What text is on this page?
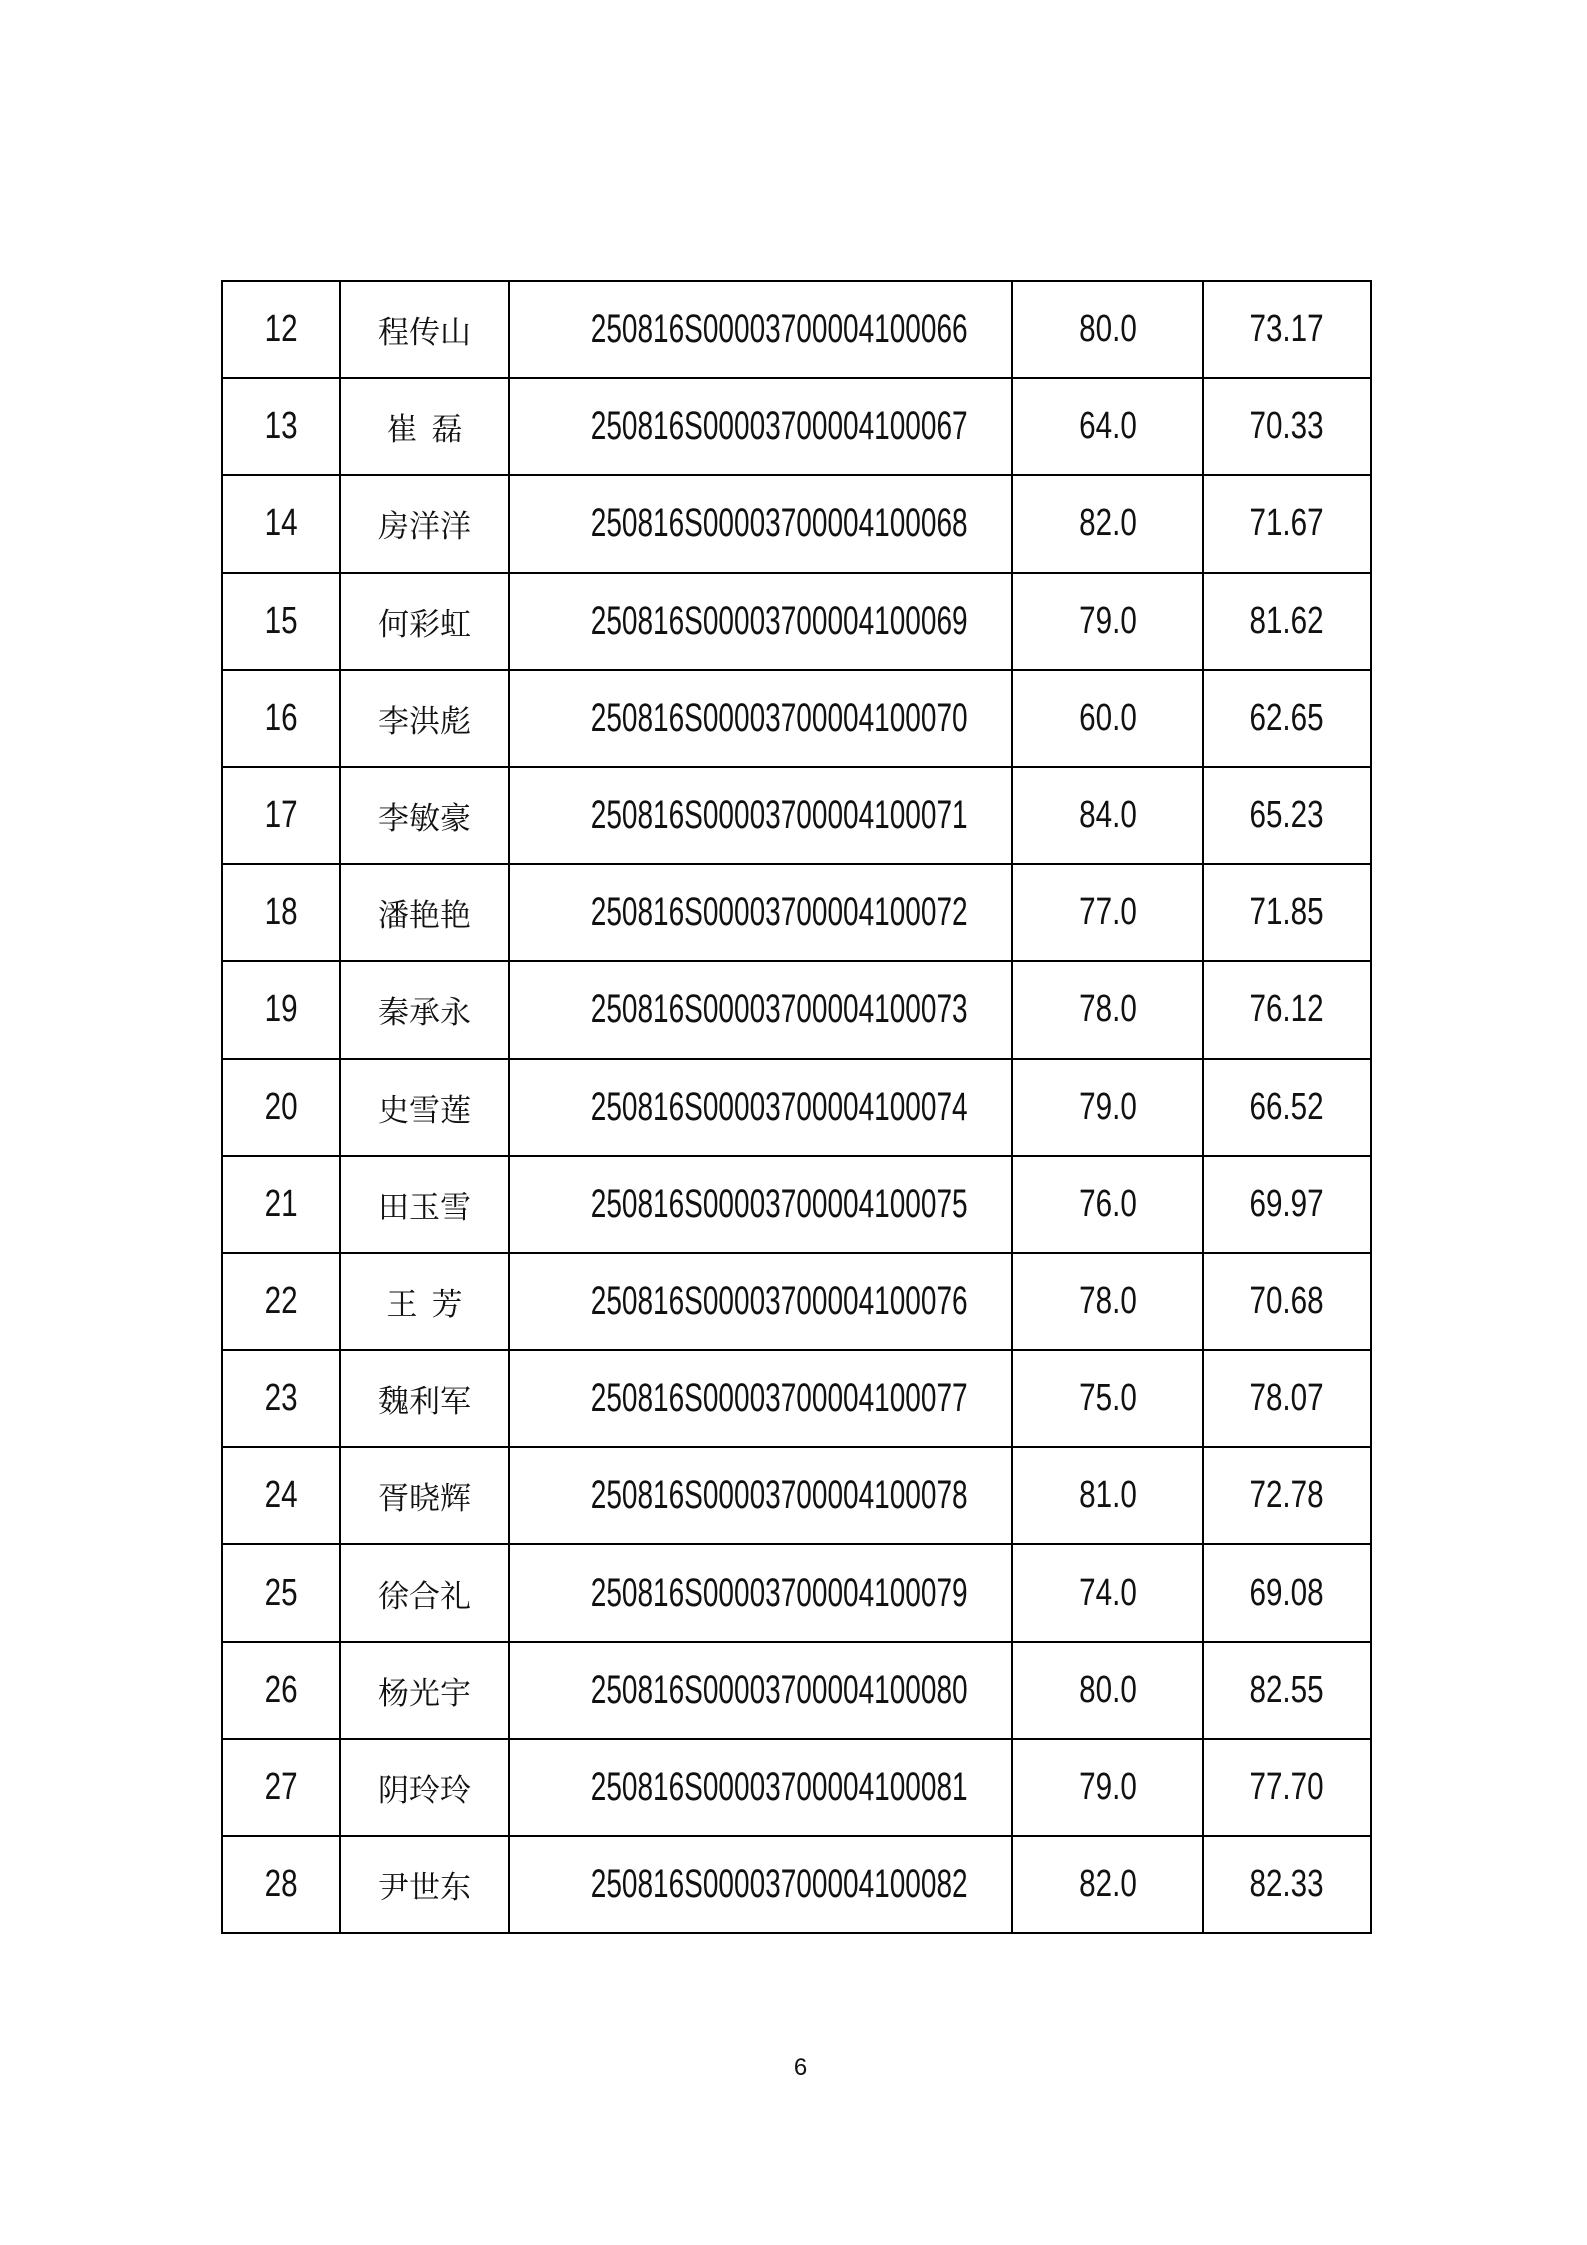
12	程传山	250816S00003700004100066	80.0	73.17
13	崔磊	250816S00003700004100067	64.0	70.33
14	房洋洋	250816S00003700004100068	82.0	71.67
15	何彩虹	250816S00003700004100069	79.0	81.62
16	李洪彪	250816S00003700004100070	60.0	62.65
17	李敏豪	250816S00003700004100071	84.0	65.23
18	潘艳艳	250816S00003700004100072	77.0	71.85
19	秦承永	250816S00003700004100073	78.0	76.12
20	史雪莲	250816S00003700004100074	79.0	66.52
21	田玉雪	250816S00003700004100075	76.0	69.97
22	王芳	250816S00003700004100076	78.0	70.68
23	魏利军	250816S00003700004100077	75.0	78.07
24	胥晓辉	250816S00003700004100078	81.0	72.78
25	徐合礼	250816S00003700004100079	74.0	69.08
26	杨光宇	250816S00003700004100080	80.0	82.55
27	阴玲玲	250816S00003700004100081	79.0	77.70
28	尹世东	250816S00003700004100082	82.0	82.33
6
